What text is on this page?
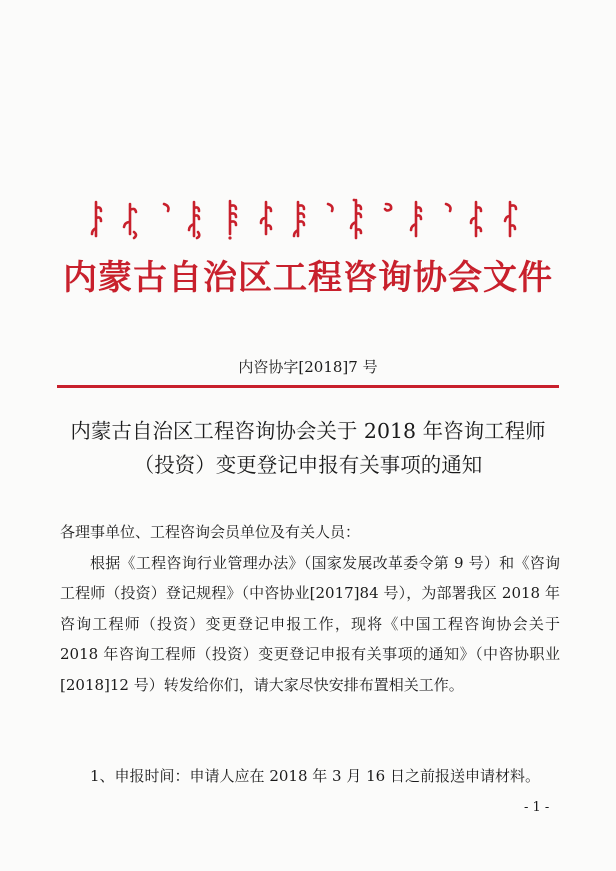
内蒙古自治区工程咨询协会文件
内咨协字[2018]7 号
内蒙古自治区工程咨询协会关于 2018 年咨询工程师
（投资）变更登记申报有关事项的通知

各理事单位、工程咨询会员单位及有关人员：

根据《工程咨询行业管理办法》（国家发展改革委令第 9 号）和《咨询工程师（投资）登记规程》（中咨协业[2017]84 号），为部署我区 2018 年咨询工程师（投资）变更登记申报工作，现将《中国工程咨询协会关于 2018 年咨询工程师（投资）变更登记申报有关事项的通知》（中咨协职业[2018]12 号）转发给你们，请大家尽快安排布置相关工作。

1、申报时间：申请人应在 2018 年 3 月 16 日之前报送申请材料。

- 1 -
